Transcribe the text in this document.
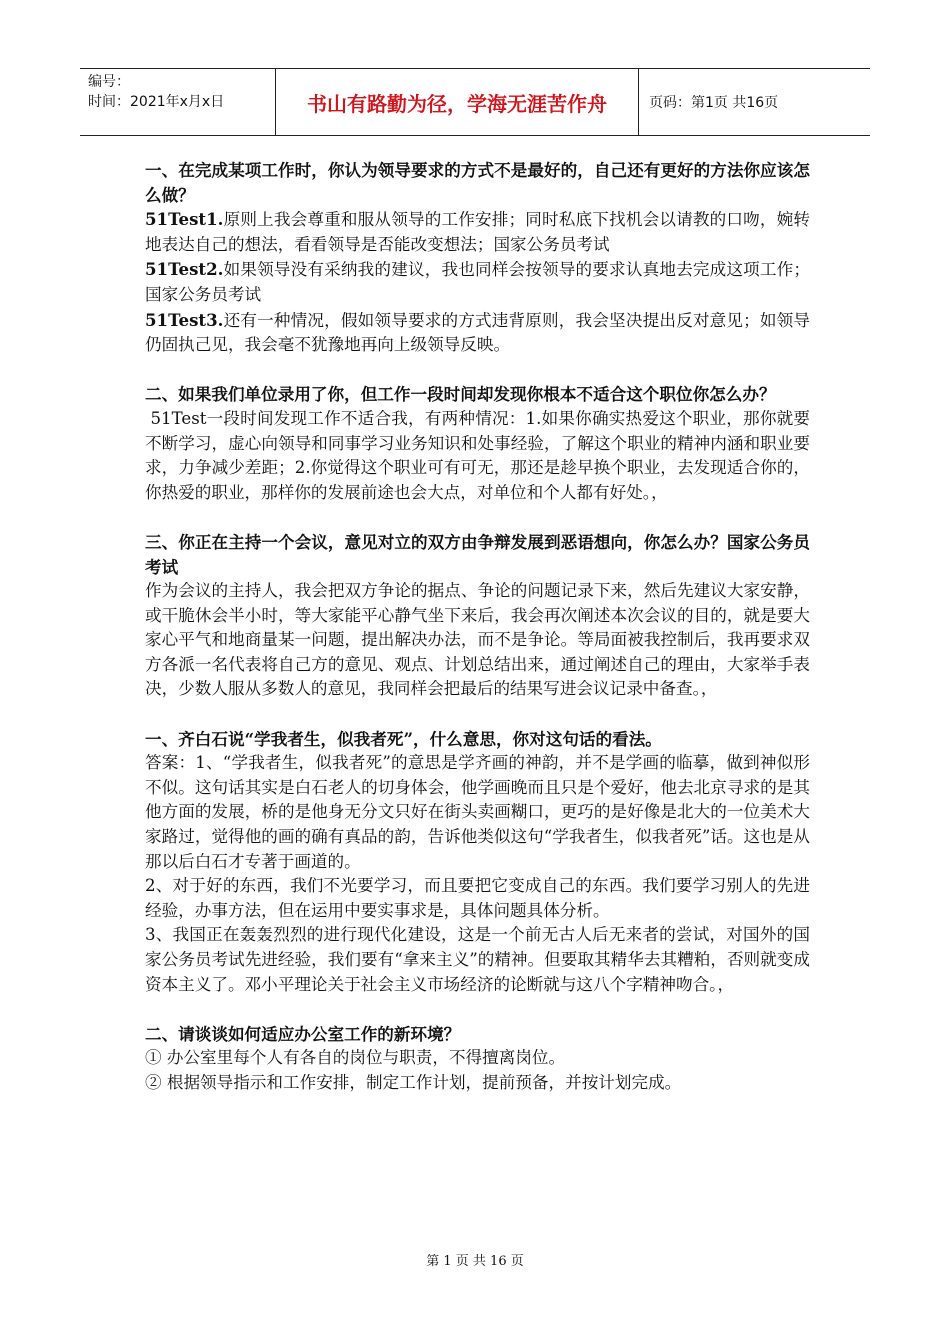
编号：
时间：2021年x月x日	书山有路勤为径，学海无涯苦作舟	页码：第1页 共16页

一、在完成某项工作时，你认为领导要求的方式不是最好的，自己还有更好的方法你应该怎么做？

51Test1.原则上我会尊重和服从领导的工作安排；同时私底下找机会以请教的口吻，婉转地表达自己的想法，看看领导是否能改变想法；国家公务员考试

51Test2.如果领导没有采纳我的建议，我也同样会按领导的要求认真地去完成这项工作；国家公务员考试

51Test3.还有一种情况，假如领导要求的方式违背原则，我会坚决提出反对意见；如领导仍固执己见，我会毫不犹豫地再向上级领导反映。

二、如果我们单位录用了你，但工作一段时间却发现你根本不适合这个职位你怎么办？

51Test一段时间发现工作不适合我，有两种情况：1.如果你确实热爱这个职业，那你就要不断学习，虚心向领导和同事学习业务知识和处事经验，了解这个职业的精神内涵和职业要求，力争减少差距；2.你觉得这个职业可有可无，那还是趁早换个职业，去发现适合你的，你热爱的职业，那样你的发展前途也会大点，对单位和个人都有好处。，

三、你正在主持一个会议，意见对立的双方由争辩发展到恶语想向，你怎么办？国家公务员考试

作为会议的主持人，我会把双方争论的据点、争论的问题记录下来，然后先建议大家安静，或干脆休会半小时，等大家能平心静气坐下来后，我会再次阐述本次会议的目的，就是要大家心平气和地商量某一问题，提出解决办法，而不是争论。等局面被我控制后，我再要求双方各派一名代表将自己方的意见、观点、计划总结出来，通过阐述自己的理由，大家举手表决，少数人服从多数人的意见，我同样会把最后的结果写进会议记录中备查。，

一、齐白石说“学我者生，似我者死”，什么意思，你对这句话的看法。

答案：1、“学我者生，似我者死”的意思是学齐画的神韵，并不是学画的临摹，做到神似形不似。这句话其实是白石老人的切身体会，他学画晚而且只是个爱好，他去北京寻求的是其他方面的发展，桥的是他身无分文只好在街头卖画糊口，更巧的是好像是北大的一位美术大家路过，觉得他的画的确有真品的韵，告诉他类似这句“学我者生，似我者死”话。这也是从那以后白石才专著于画道的。

2、对于好的东西，我们不光要学习，而且要把它变成自己的东西。我们要学习别人的先进经验，办事方法，但在运用中要实事求是，具体问题具体分析。

3、我国正在轰轰烈烈的进行现代化建设，这是一个前无古人后无来者的尝试，对国外的国家公务员考试先进经验，我们要有“拿来主义”的精神。但要取其精华去其糟粕，否则就变成资本主义了。邓小平理论关于社会主义市场经济的论断就与这八个字精神吻合。，

二、请谈谈如何适应办公室工作的新环境？

① 办公室里每个人有各自的岗位与职责，不得擅离岗位。

② 根据领导指示和工作安排，制定工作计划，提前预备，并按计划完成。

第 1 页 共 16 页
